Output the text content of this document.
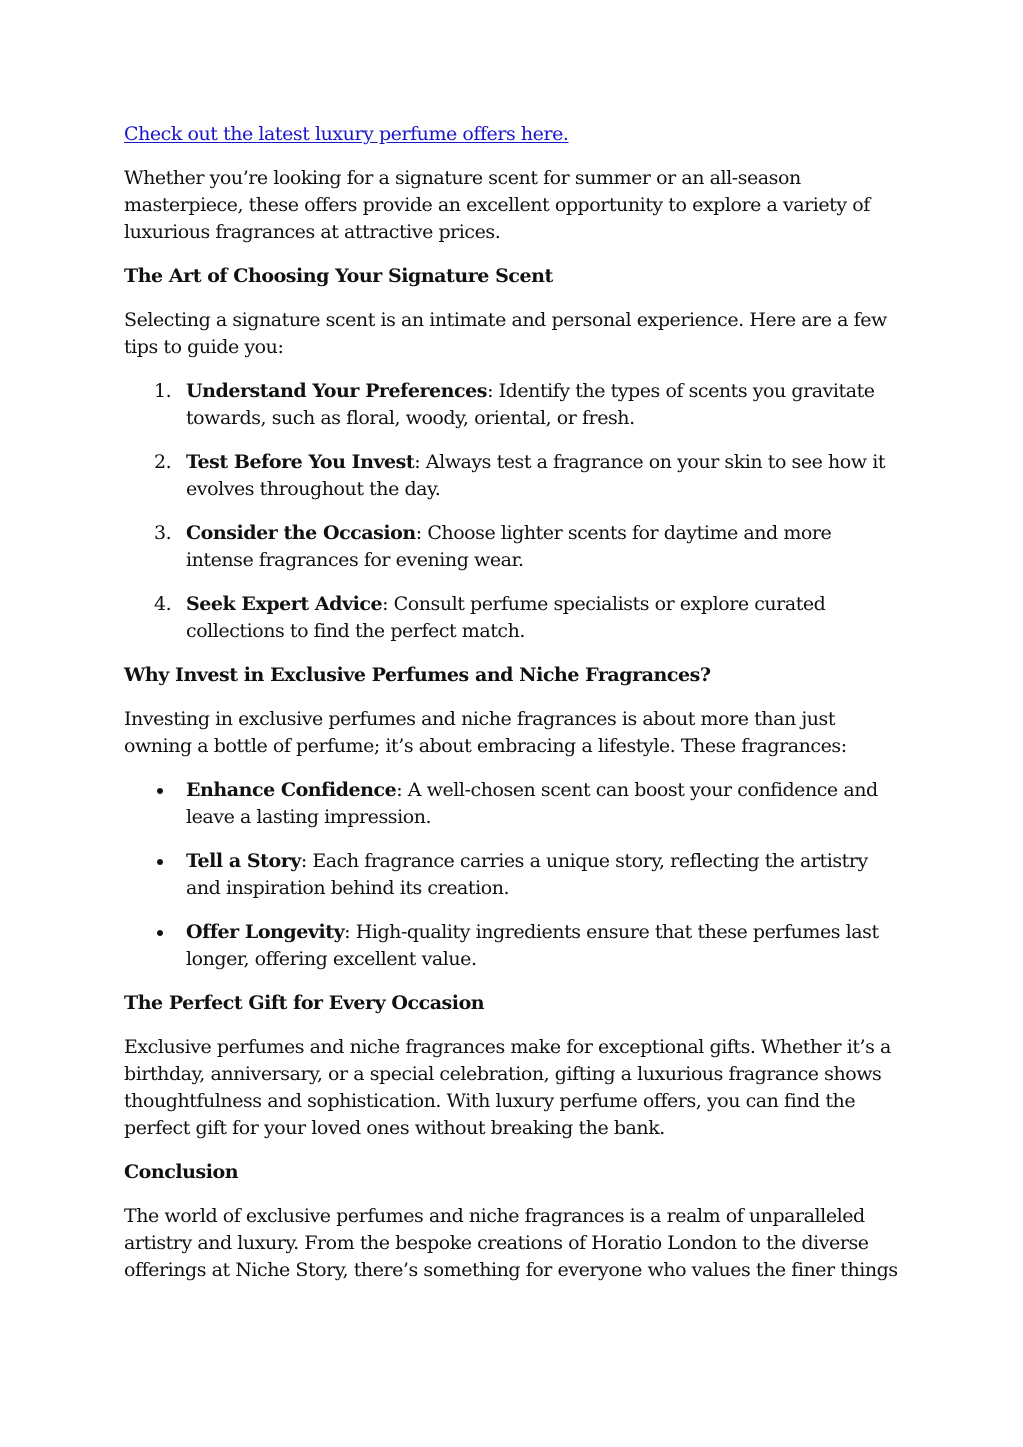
Check out the latest luxury perfume offers here.

Whether you’re looking for a signature scent for summer or an all-season masterpiece, these offers provide an excellent opportunity to explore a variety of luxurious fragrances at attractive prices.

The Art of Choosing Your Signature Scent

Selecting a signature scent is an intimate and personal experience. Here are a few tips to guide you:

Understand Your Preferences: Identify the types of scents you gravitate towards, such as floral, woody, oriental, or fresh.
Test Before You Invest: Always test a fragrance on your skin to see how it evolves throughout the day.
Consider the Occasion: Choose lighter scents for daytime and more intense fragrances for evening wear.
Seek Expert Advice: Consult perfume specialists or explore curated collections to find the perfect match.
Why Invest in Exclusive Perfumes and Niche Fragrances?

Investing in exclusive perfumes and niche fragrances is about more than just owning a bottle of perfume; it’s about embracing a lifestyle. These fragrances:

Enhance Confidence: A well-chosen scent can boost your confidence and leave a lasting impression.
Tell a Story: Each fragrance carries a unique story, reflecting the artistry and inspiration behind its creation.
Offer Longevity: High-quality ingredients ensure that these perfumes last longer, offering excellent value.
The Perfect Gift for Every Occasion

Exclusive perfumes and niche fragrances make for exceptional gifts. Whether it’s a birthday, anniversary, or a special celebration, gifting a luxurious fragrance shows thoughtfulness and sophistication. With luxury perfume offers, you can find the perfect gift for your loved ones without breaking the bank.

Conclusion

The world of exclusive perfumes and niche fragrances is a realm of unparalleled artistry and luxury. From the bespoke creations of Horatio London to the diverse offerings at Niche Story, there’s something for everyone who values the finer things
